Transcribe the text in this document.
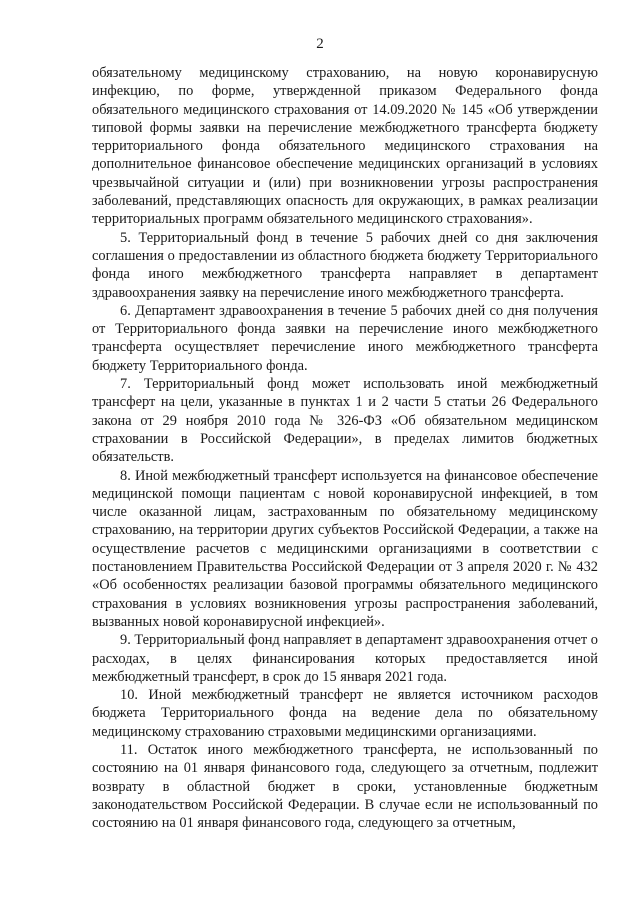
2

обязательному медицинскому страхованию, на новую коронавирусную инфекцию, по форме, утвержденной приказом Федерального фонда обязательного медицинского страхования от 14.09.2020 № 145 «Об утверждении типовой формы заявки на перечисление межбюджетного трансферта бюджету территориального фонда обязательного медицинского страхования на дополнительное финансовое обеспечение медицинских организаций в условиях чрезвычайной ситуации и (или) при возникновении угрозы распространения заболеваний, представляющих опасность для окружающих, в рамках реализации территориальных программ обязательного медицинского страхования».

5. Территориальный фонд в течение 5 рабочих дней со дня заключения соглашения о предоставлении из областного бюджета бюджету Территориального фонда иного межбюджетного трансферта направляет в департамент здравоохранения заявку на перечисление иного межбюджетного трансферта.

6. Департамент здравоохранения в течение 5 рабочих дней со дня получения от Территориального фонда заявки на перечисление иного межбюджетного трансферта осуществляет перечисление иного межбюджетного трансферта бюджету Территориального фонда.

7. Территориальный фонд может использовать иной межбюджетный трансферт на цели, указанные в пунктах 1 и 2 части 5 статьи 26 Федерального закона от 29 ноября 2010 года № 326-ФЗ «Об обязательном медицинском страховании в Российской Федерации», в пределах лимитов бюджетных обязательств.

8. Иной межбюджетный трансферт используется на финансовое обеспечение медицинской помощи пациентам с новой коронавирусной инфекцией, в том числе оказанной лицам, застрахованным по обязательному медицинскому страхованию, на территории других субъектов Российской Федерации, а также на осуществление расчетов с медицинскими организациями в соответствии с постановлением Правительства Российской Федерации от 3 апреля 2020 г. № 432 «Об особенностях реализации базовой программы обязательного медицинского страхования в условиях возникновения угрозы распространения заболеваний, вызванных новой коронавирусной инфекцией».

9. Территориальный фонд направляет в департамент здравоохранения отчет о расходах, в целях финансирования которых предоставляется иной межбюджетный трансферт, в срок до 15 января 2021 года.

10. Иной межбюджетный трансферт не является источником расходов бюджета Территориального фонда на ведение дела по обязательному медицинскому страхованию страховыми медицинскими организациями.

11. Остаток иного межбюджетного трансферта, не использованный по состоянию на 01 января финансового года, следующего за отчетным, подлежит возврату в областной бюджет в сроки, установленные бюджетным законодательством Российской Федерации. В случае если не использованный по состоянию на 01 января финансового года, следующего за отчетным,
